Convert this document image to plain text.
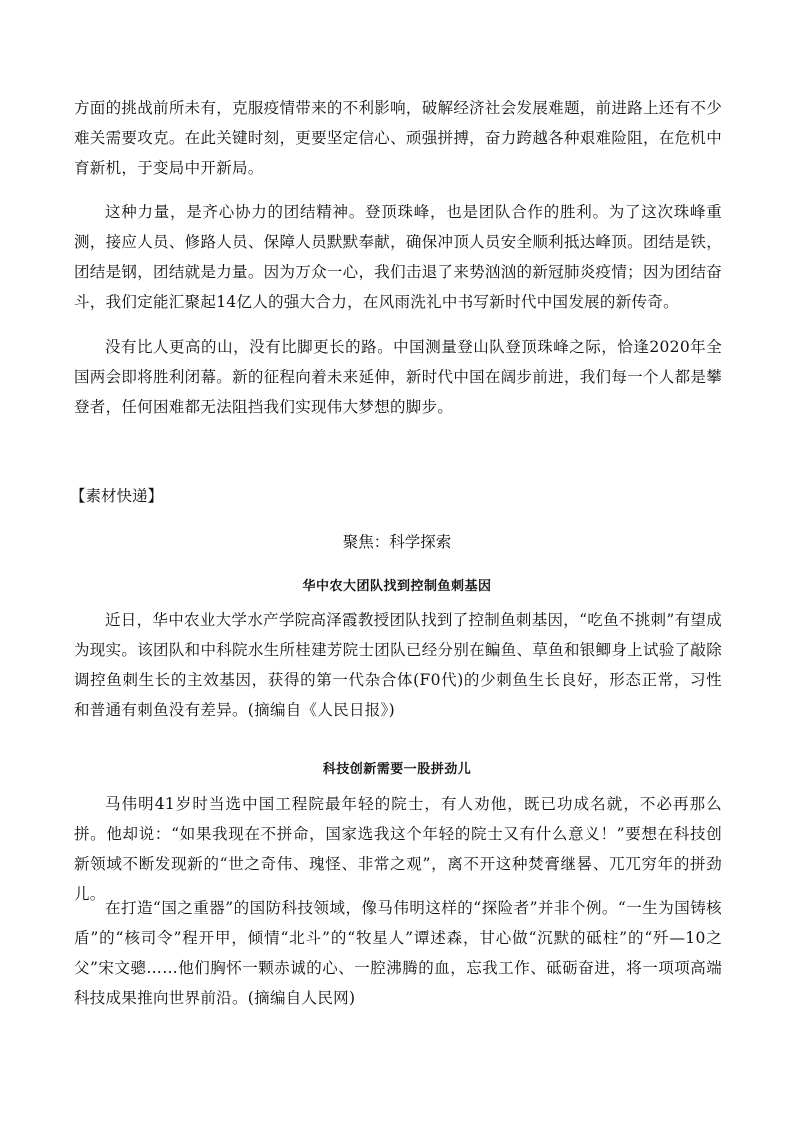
方面的挑战前所未有，克服疫情带来的不利影响，破解经济社会发展难题，前进路上还有不少难关需要攻克。在此关键时刻，更要坚定信心、顽强拼搏，奋力跨越各种艰难险阻，在危机中育新机，于变局中开新局。

这种力量，是齐心协力的团结精神。登顶珠峰，也是团队合作的胜利。为了这次珠峰重测，接应人员、修路人员、保障人员默默奉献，确保冲顶人员安全顺利抵达峰顶。团结是铁，团结是钢，团结就是力量。因为万众一心，我们击退了来势汹汹的新冠肺炎疫情；因为团结奋斗，我们定能汇聚起14亿人的强大合力，在风雨洗礼中书写新时代中国发展的新传奇。

没有比人更高的山，没有比脚更长的路。中国测量登山队登顶珠峰之际，恰逢2020年全国两会即将胜利闭幕。新的征程向着未来延伸，新时代中国在阔步前进，我们每一个人都是攀登者，任何困难都无法阻挡我们实现伟大梦想的脚步。

【素材快递】

聚焦：科学探索

华中农大团队找到控制鱼刺基因

近日，华中农业大学水产学院高泽霞教授团队找到了控制鱼刺基因，“吃鱼不挑刺”有望成为现实。该团队和中科院水生所桂建芳院士团队已经分别在鳊鱼、草鱼和银鲫身上试验了敲除调控鱼刺生长的主效基因，获得的第一代杂合体(F0代)的少刺鱼生长良好，形态正常，习性和普通有刺鱼没有差异。(摘编自《人民日报》)

科技创新需要一股拼劲儿

马伟明41岁时当选中国工程院最年轻的院士，有人劝他，既已功成名就，不必再那么拼。他却说：“如果我现在不拼命，国家选我这个年轻的院士又有什么意义！”要想在科技创新领域不断发现新的“世之奇伟、瑰怪、非常之观”，离不开这种焚膏继晷、兀兀穷年的拼劲儿。

在打造“国之重器”的国防科技领域，像马伟明这样的“探险者”并非个例。“一生为国铸核盾”的“核司令”程开甲，倾情“北斗”的“牧星人”谭述森，甘心做“沉默的砥柱”的“歼—10之父”宋文骢……他们胸怀一颗赤诚的心、一腔沸腾的血，忘我工作、砥砺奋进，将一项项高端科技成果推向世界前沿。(摘编自人民网)
